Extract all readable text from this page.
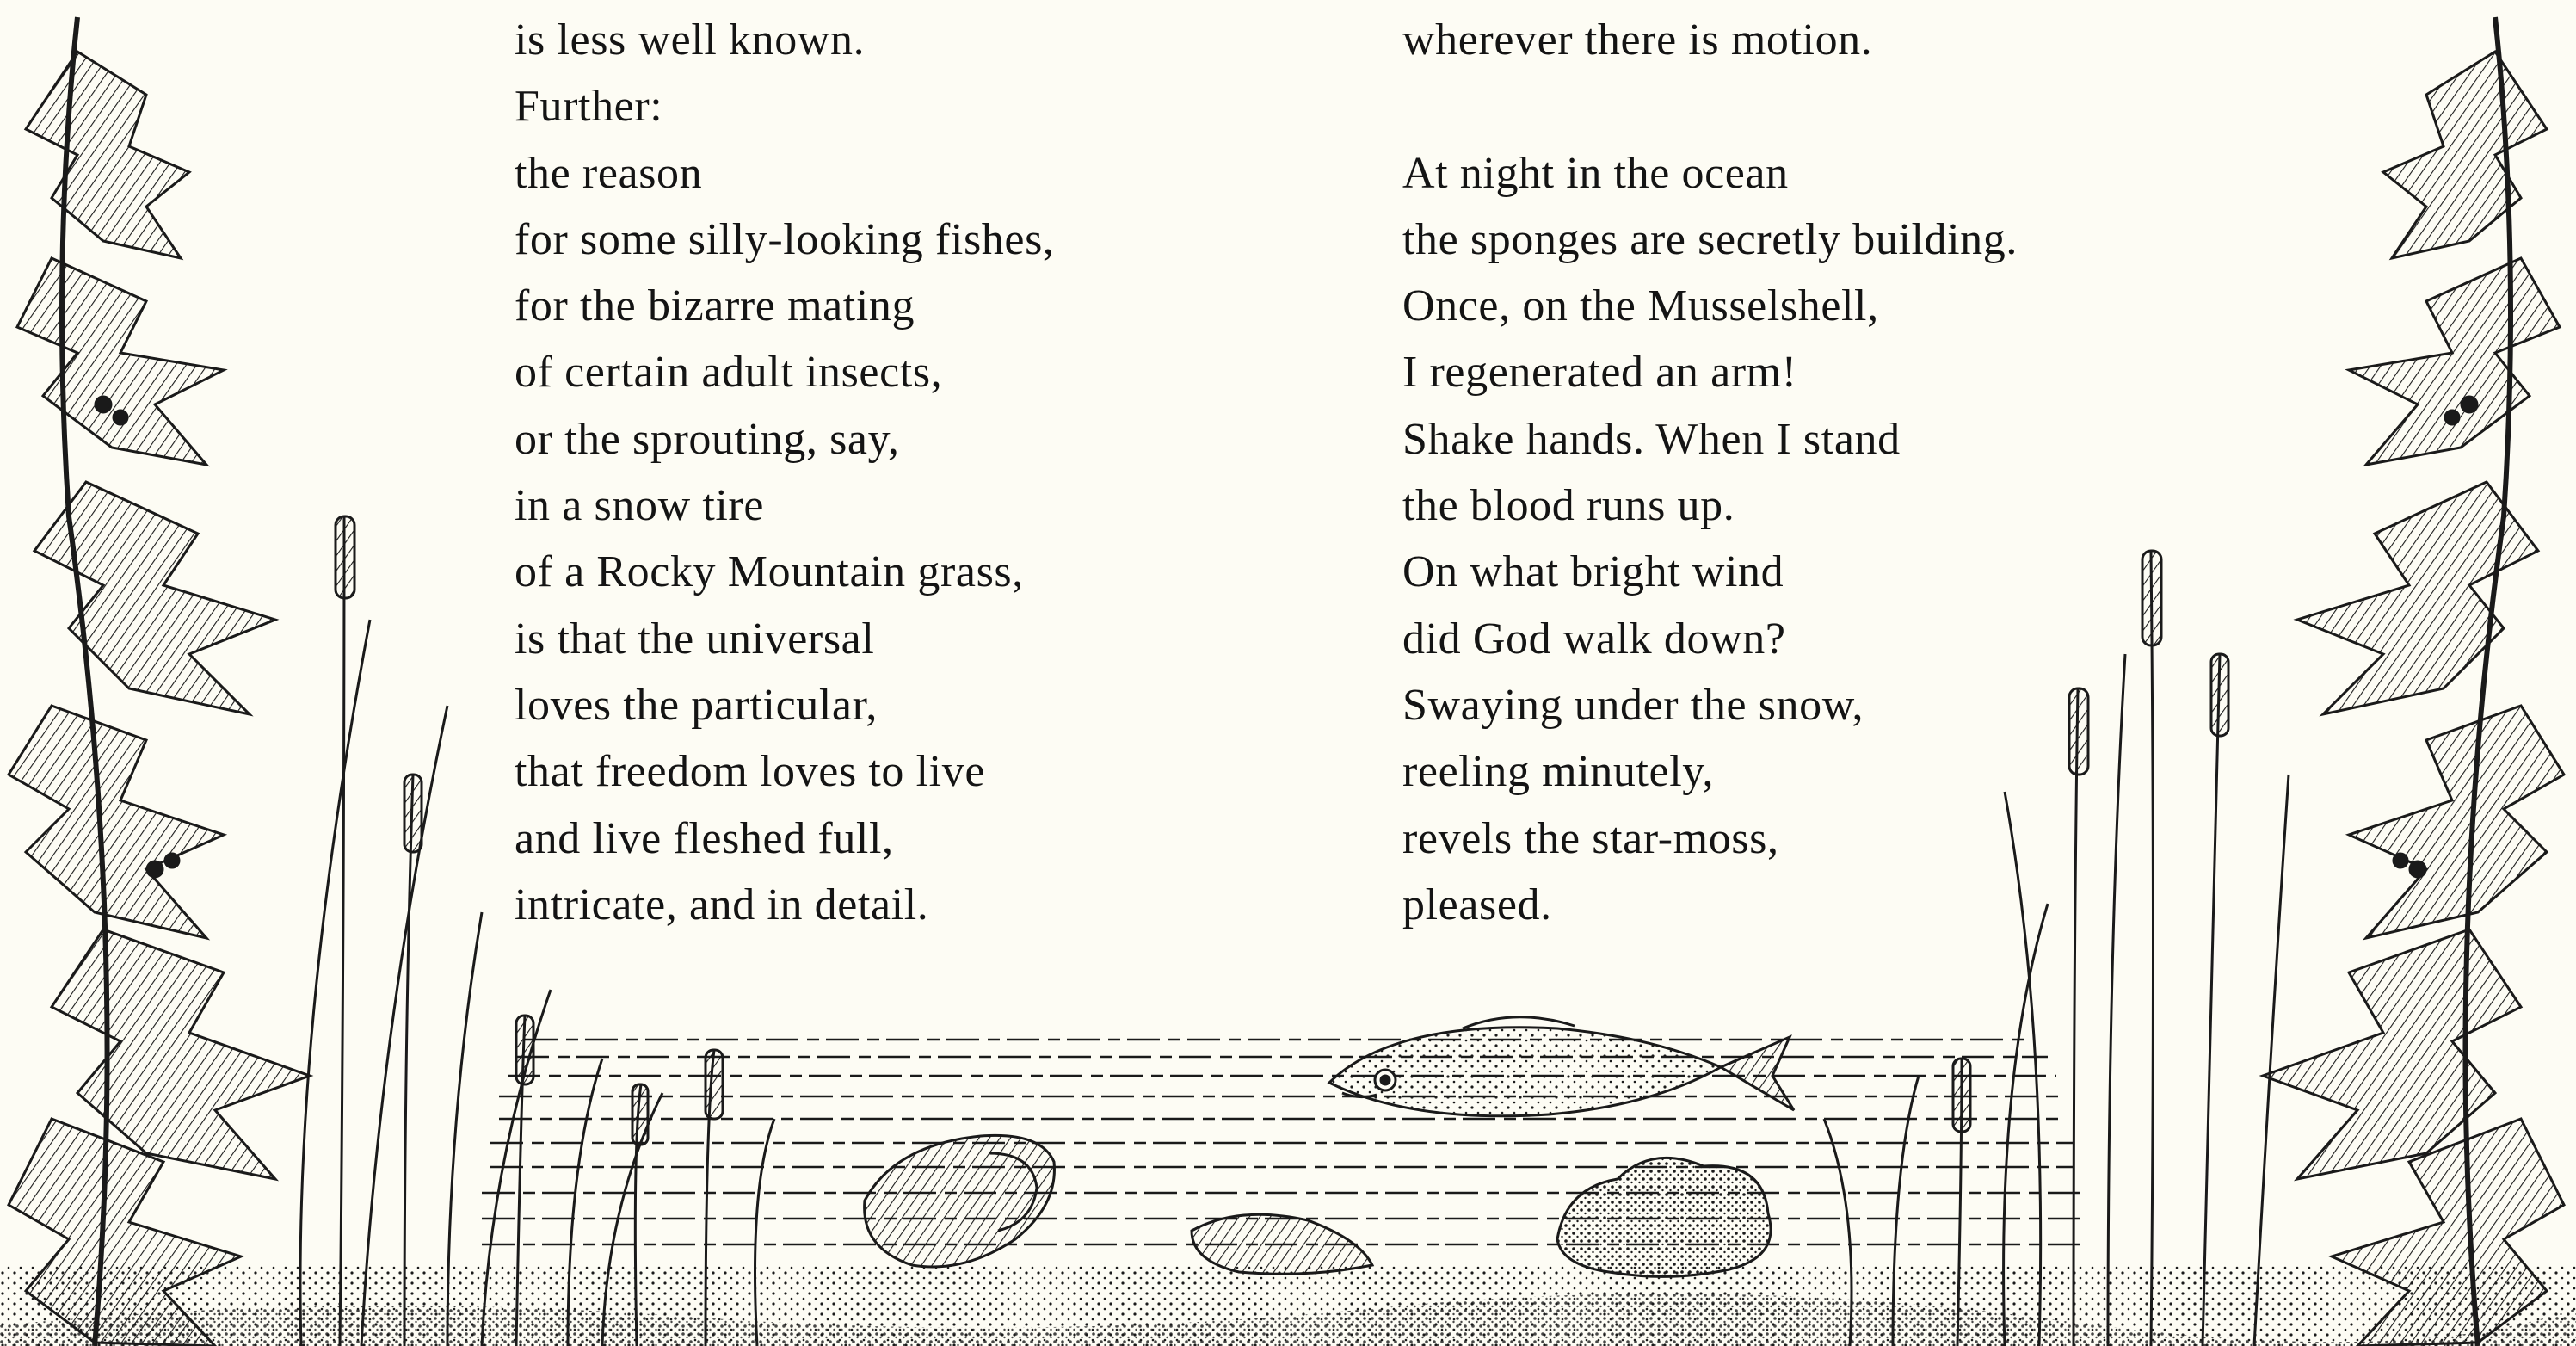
is less well known.
Further:
the reason
for some silly-looking fishes,
for the bizarre mating
of certain adult insects,
or the sprouting, say,
in a snow tire
of a Rocky Mountain grass,
is that the universal
loves the particular,
that freedom loves to live
and live fleshed full,
intricate, and in detail.
wherever there is motion.
At night in the ocean
the sponges are secretly building.
Once, on the Musselshell,
I regenerated an arm!
Shake hands. When I stand
the blood runs up.
On what bright wind
did God walk down?
Swaying under the snow,
reeling minutely,
revels the star-moss,
pleased.
